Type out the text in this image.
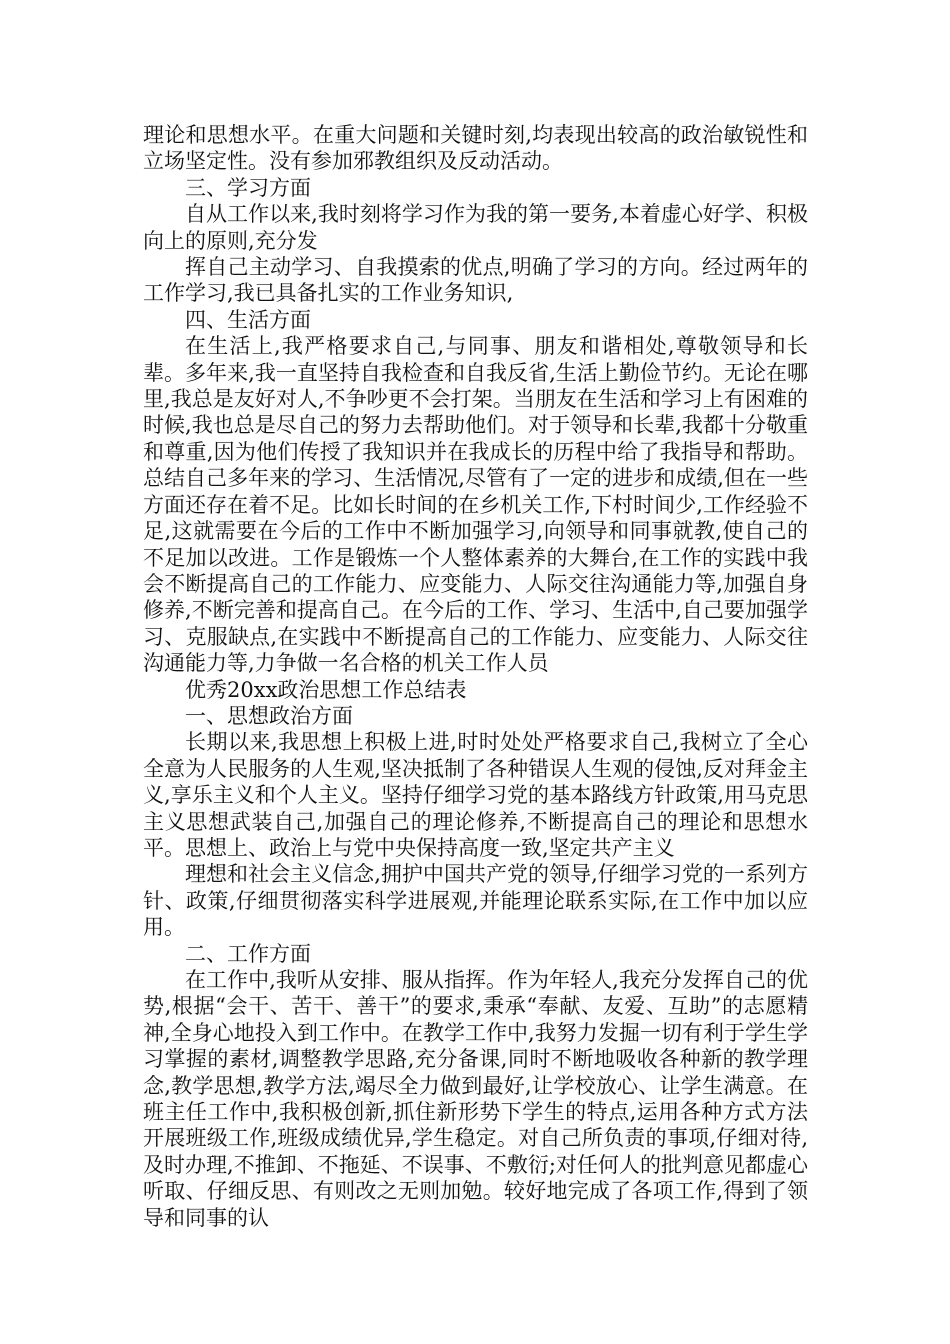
理论和思想水平。在重大问题和关键时刻,均表现出较高的政治敏锐性和立场坚定性。没有参加邪教组织及反动活动。

三、学习方面

自从工作以来,我时刻将学习作为我的第一要务,本着虚心好学、积极向上的原则,充分发

挥自己主动学习、自我摸索的优点,明确了学习的方向。经过两年的工作学习,我已具备扎实的工作业务知识,

四、生活方面

在生活上,我严格要求自己,与同事、朋友和谐相处,尊敬领导和长辈。多年来,我一直坚持自我检查和自我反省,生活上勤俭节约。无论在哪里,我总是友好对人,不争吵更不会打架。当朋友在生活和学习上有困难的时候,我也总是尽自己的努力去帮助他们。对于领导和长辈,我都十分敬重和尊重,因为他们传授了我知识并在我成长的历程中给了我指导和帮助。总结自己多年来的学习、生活情况,尽管有了一定的进步和成绩,但在一些方面还存在着不足。比如长时间的在乡机关工作,下村时间少,工作经验不足,这就需要在今后的工作中不断加强学习,向领导和同事就教,使自己的不足加以改进。工作是锻炼一个人整体素养的大舞台,在工作的实践中我会不断提高自己的工作能力、应变能力、人际交往沟通能力等,加强自身修养,不断完善和提高自己。在今后的工作、学习、生活中,自己要加强学习、克服缺点,在实践中不断提高自己的工作能力、应变能力、人际交往沟通能力等,力争做一名合格的机关工作人员

优秀20xx政治思想工作总结表

一、思想政治方面

长期以来,我思想上积极上进,时时处处严格要求自己,我树立了全心全意为人民服务的人生观,坚决抵制了各种错误人生观的侵蚀,反对拜金主义,享乐主义和个人主义。坚持仔细学习党的基本路线方针政策,用马克思主义思想武装自己,加强自己的理论修养,不断提高自己的理论和思想水平。思想上、政治上与党中央保持高度一致,坚定共产主义

理想和社会主义信念,拥护中国共产党的领导,仔细学习党的一系列方针、政策,仔细贯彻落实科学进展观,并能理论联系实际,在工作中加以应用。

二、工作方面

在工作中,我听从安排、服从指挥。作为年轻人,我充分发挥自己的优势,根据“会干、苦干、善干”的要求,秉承“奉献、友爱、互助”的志愿精神,全身心地投入到工作中。在教学工作中,我努力发掘一切有利于学生学习掌握的素材,调整教学思路,充分备课,同时不断地吸收各种新的教学理念,教学思想,教学方法,竭尽全力做到最好,让学校放心、让学生满意。在班主任工作中,我积极创新,抓住新形势下学生的特点,运用各种方式方法开展班级工作,班级成绩优异,学生稳定。对自己所负责的事项,仔细对待,及时办理,不推卸、不拖延、不误事、不敷衍;对任何人的批判意见都虚心听取、仔细反思、有则改之无则加勉。较好地完成了各项工作,得到了领导和同事的认
